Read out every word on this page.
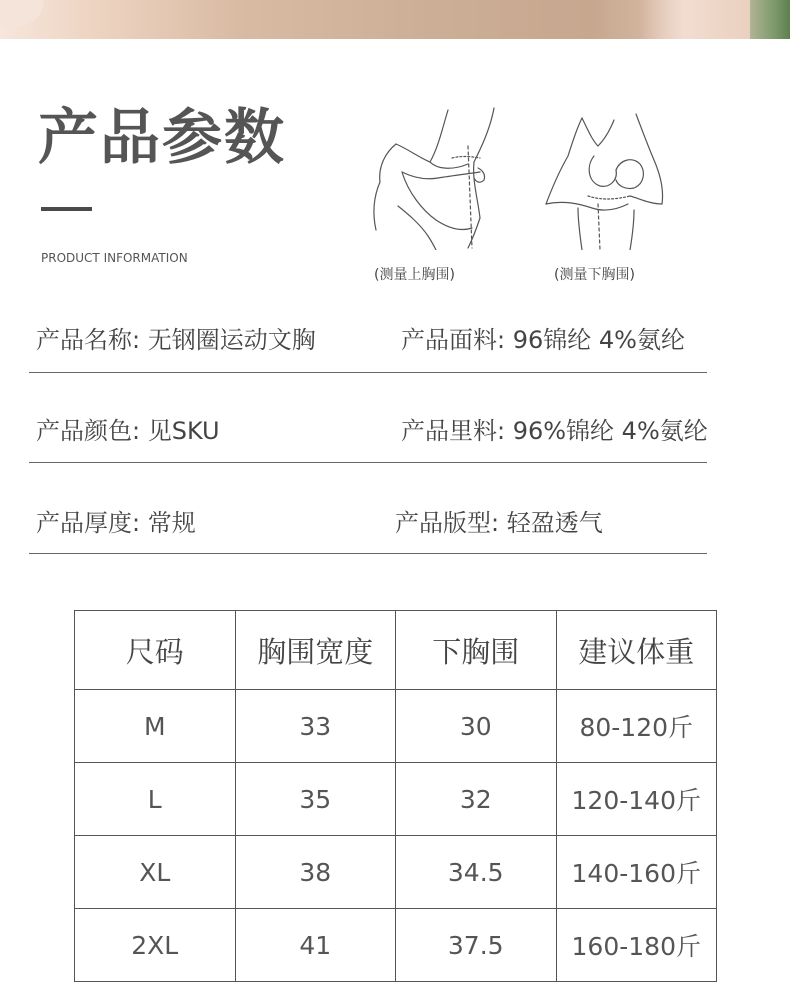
产品参数
PRODUCT INFORMATION
(测量上胸围)	(测量下胸围)
产品名称: 无钢圈运动文胸	产品面料: 96锦纶 4%氨纶
产品颜色: 见SKU	产品里料: 96%锦纶 4%氨纶
产品厚度: 常规	产品版型: 轻盈透气
尺码	胸围宽度	下胸围	建议体重
M	33	30	80-120斤
L	35	32	120-140斤
XL	38	34.5	140-160斤
2XL	41	37.5	160-180斤
